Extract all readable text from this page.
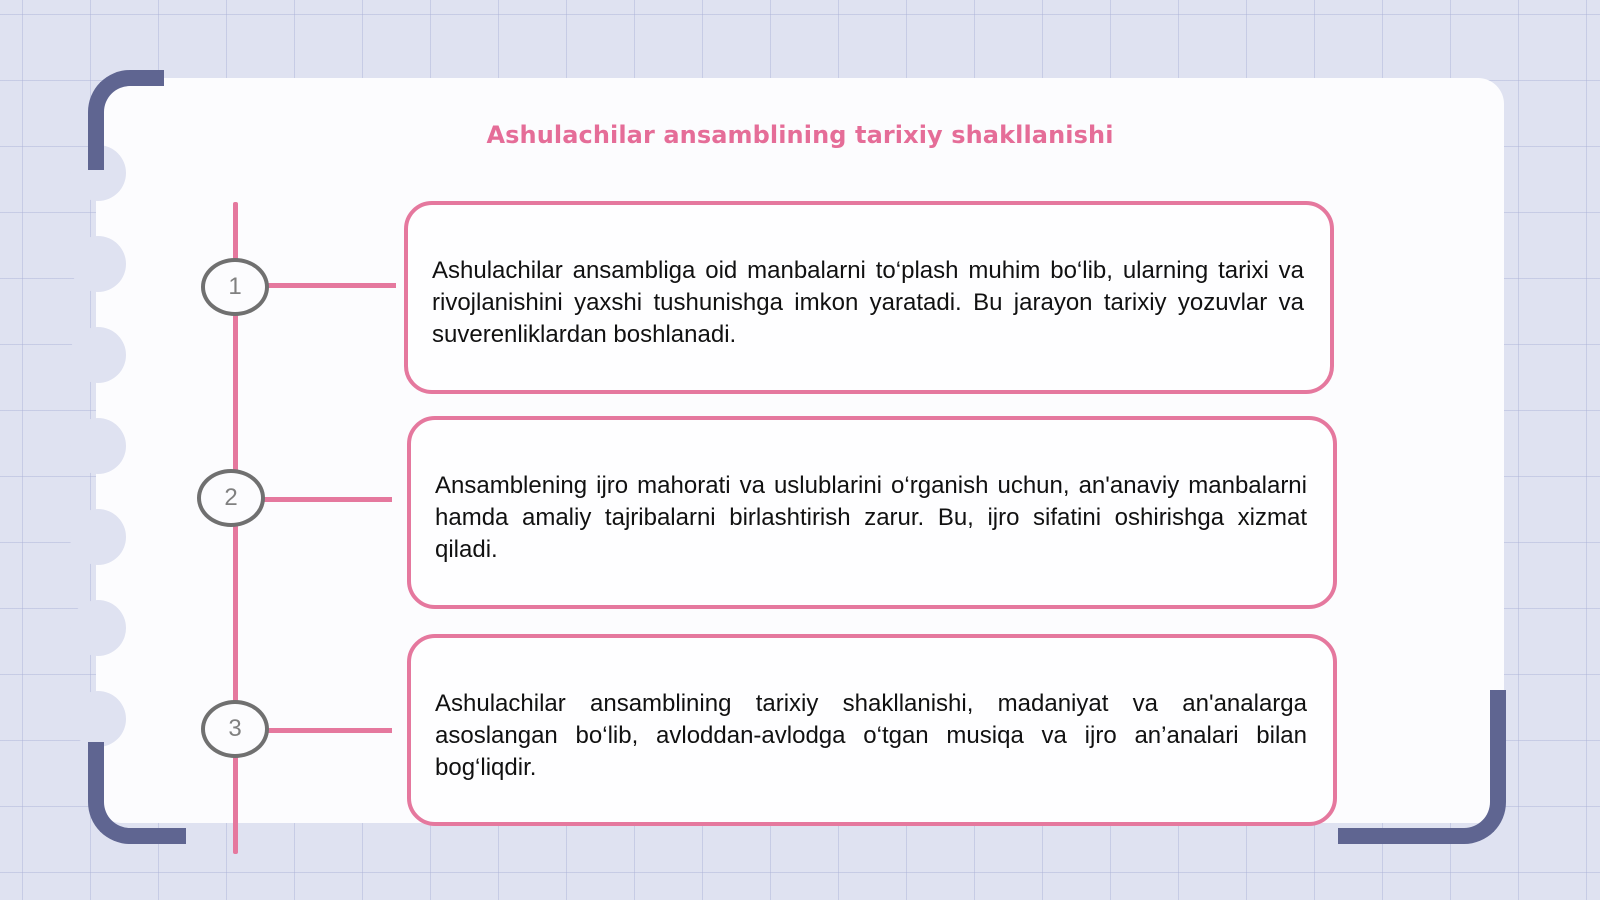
Ashulachilar ansamblining tarixiy shakllanishi
1

Ashulachilar ansambliga oid manbalarni to‘plash muhim bo‘lib, ularning tarixi va rivojlanishini yaxshi tushunishga imkon yaratadi. Bu jarayon tarixiy yozuvlar va suverenliklardan boshlanadi.

2	Ansamblening ijro mahorati va uslublarini o‘rganish uchun, an'anaviy manbalarni hamda amaliy tajribalarni birlashtirish zarur. Bu, ijro sifatini oshirishga xizmat qiladi.

3

Ashulachilar ansamblining tarixiy shakllanishi, madaniyat va an'analarga asoslangan bo‘lib, avloddan-avlodga o‘tgan musiqa va ijro an’analari bilan bog‘liqdir.
